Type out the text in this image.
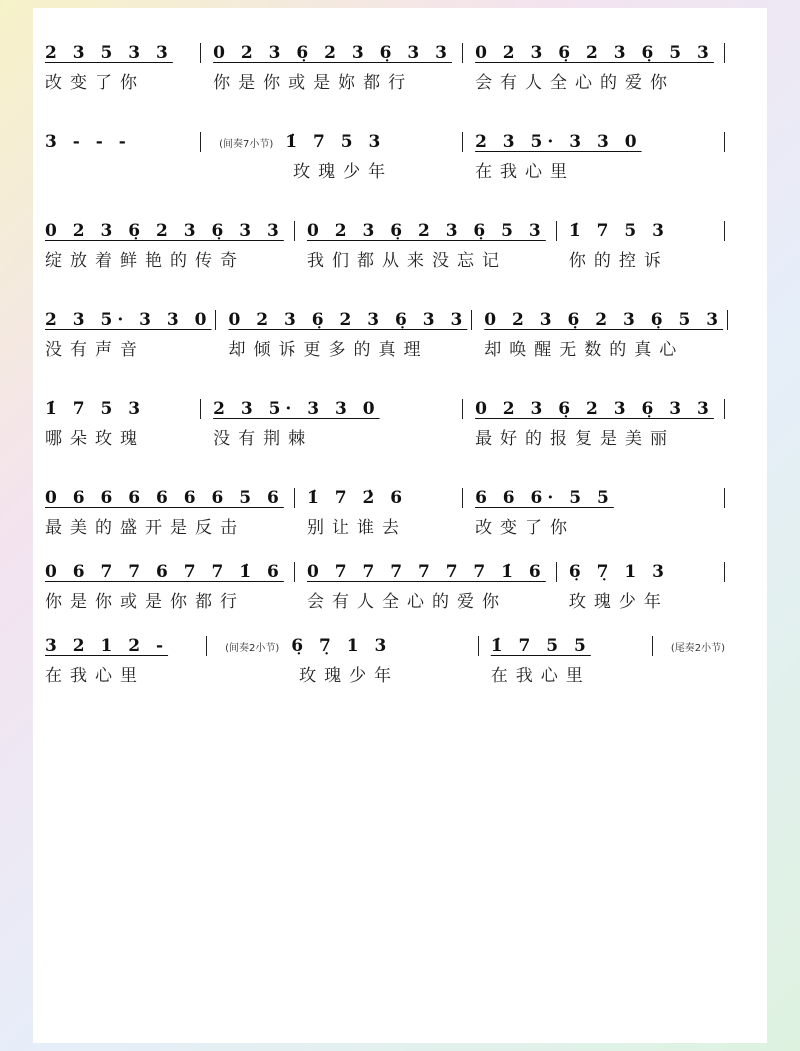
2 3 5 3 3
改变了你
0 2 3 6̣ 2 3 6̣ 3 3
你是你或是妳都行
0 2 3 6̣ 2 3 6̣ 5 3
会有人全心的爱你
3 - - -	(间奏7小节) 1̇ 7 5 3
玫瑰少年
2 3 5· 3 3 0
在我心里
0 2 3 6̣ 2 3 6̣ 3 3
绽放着鲜艳的传奇
0 2 3 6̣ 2 3 6̣ 5 3
我们都从来没忘记
1̇ 7 5 3
你的控诉
2 3 5· 3 3 0
没有声音
0 2 3 6̣ 2 3 6̣ 3 3
却倾诉更多的真理
0 2 3 6̣ 2 3 6̣ 5 3
却唤醒无数的真心
1̇ 7 5 3
哪朵玫瑰
2 3 5· 3 3 0
没有荆棘
0 2 3 6̣ 2 3 6̣ 3 3
最好的报复是美丽
0 6 6 6 6 6 6 5 6
最美的盛开是反击
1̇ 7 2̇ 6
别让谁去
6 6 6· 5 5
改变了你
0 6 7 7 6 7 7 1̇ 6
你是你或是你都行
0 7 7 7 7 7 7 1̇ 6
会有人全心的爱你
6̣ 7̣ 1 3
玫瑰少年
3 2 1 2 -
在我心里
(间奏2小节) 6̣ 7̣ 1 3
玫瑰少年
1̇ 7 5 5
在我心里
(尾奏2小节)
